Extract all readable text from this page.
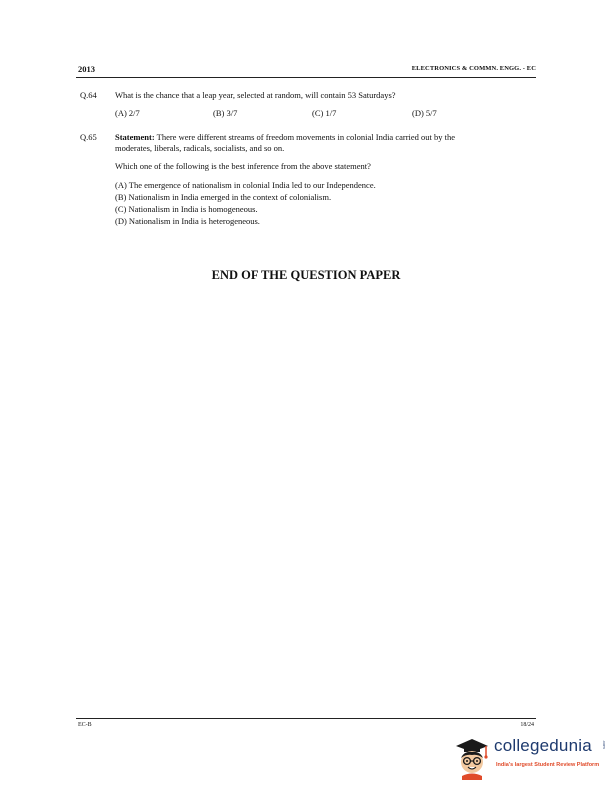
2013	ELECTRONICS & COMMN. ENGG. - EC
Q.64 What is the chance that a leap year, selected at random, will contain 53 Saturdays?
(A) 2/7	(B) 3/7	(C) 1/7	(D) 5/7
Q.65 Statement: There were different streams of freedom movements in colonial India carried out by the
moderates, liberals, radicals, socialists, and so on.
Which one of the following is the best inference from the above statement?
(A) The emergence of nationalism in colonial India led to our Independence.
(B) Nationalism in India emerged in the context of colonialism.
(C) Nationalism in India is homogeneous.
(D) Nationalism in India is heterogeneous.
END OF THE QUESTION PAPER
EC-B	18/24
collegedunia	.com
India's largest Student Review Platform
